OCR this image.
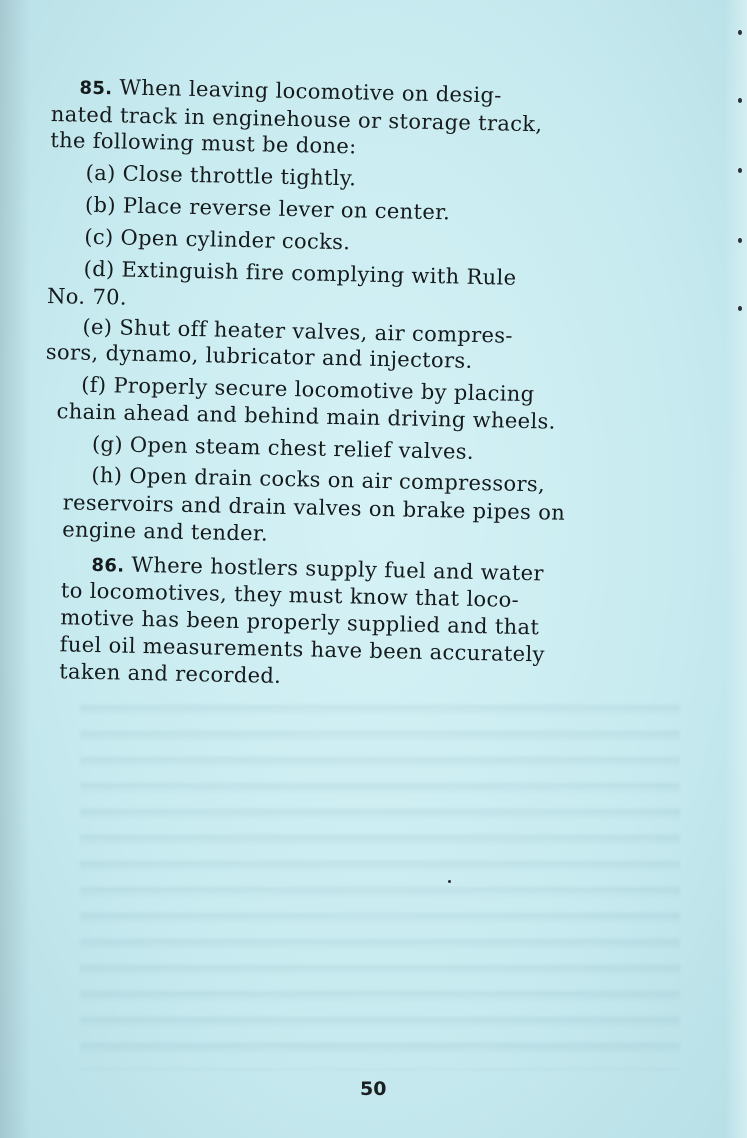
85. When leaving locomotive on desig-
nated track in enginehouse or storage track,
the following must be done:
(a) Close throttle tightly.
(b) Place reverse lever on center.
(c) Open cylinder cocks.
(d) Extinguish fire complying with Rule
No. 70.
(e) Shut off heater valves, air compres-
sors, dynamo, lubricator and injectors.
(f) Properly secure locomotive by placing
chain ahead and behind main driving wheels.
(g) Open steam chest relief valves.
(h) Open drain cocks on air compressors,
reservoirs and drain valves on brake pipes on
engine and tender.
86. Where hostlers supply fuel and water
to locomotives, they must know that loco-
motive has been properly supplied and that
fuel oil measurements have been accurately
taken and recorded.
50
